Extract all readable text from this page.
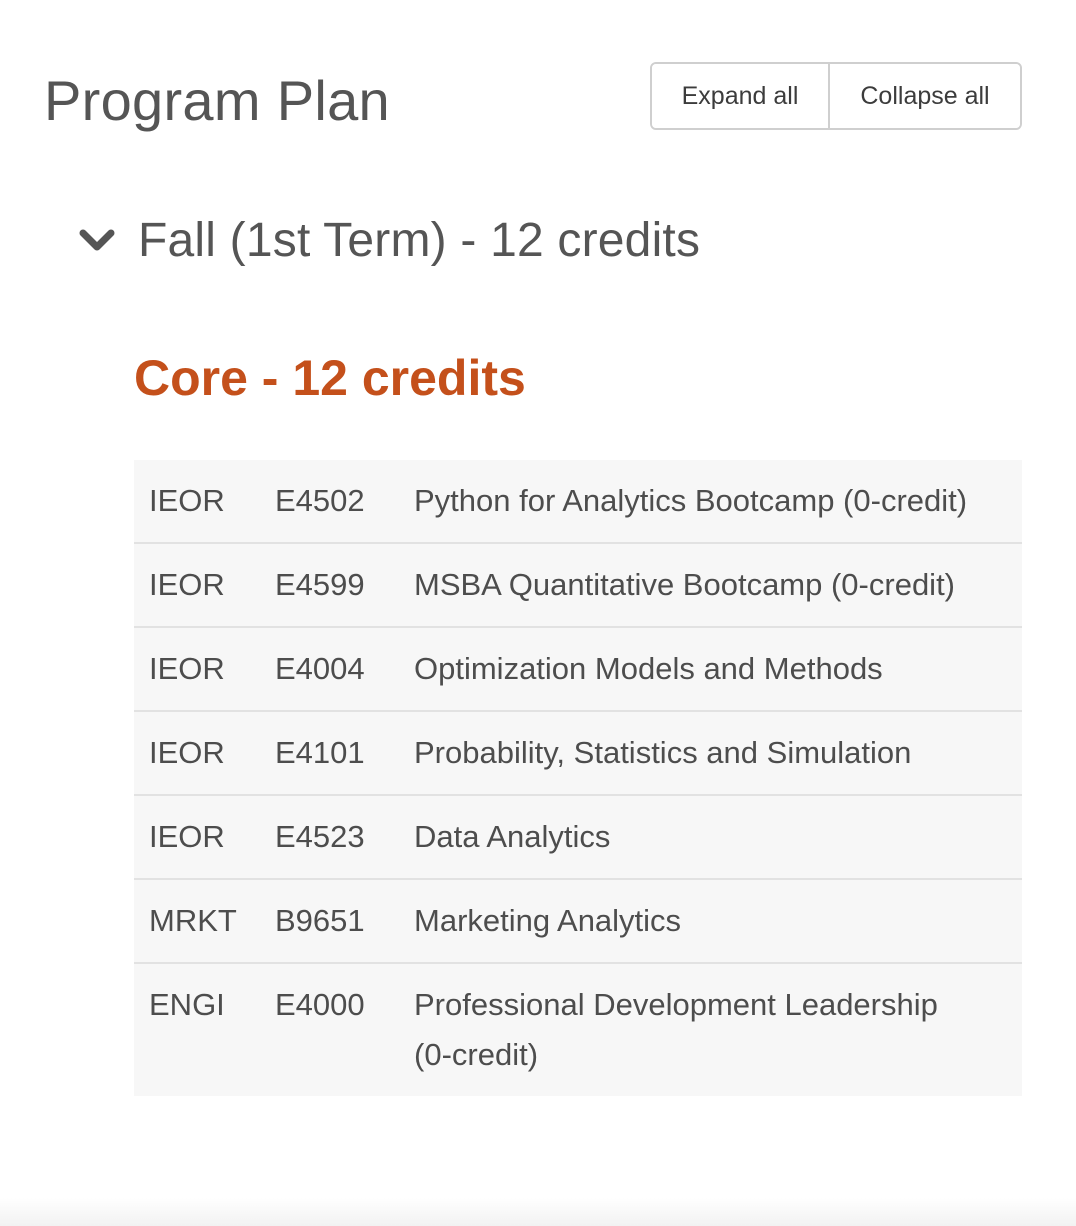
Program Plan	Expand all	Collapse all
Fall (1st Term) - 12 credits
Core - 12 credits
IEOR	E4502	Python for Analytics Bootcamp (0-credit)
IEOR	E4599	MSBA Quantitative Bootcamp (0-credit)
IEOR	E4004	Optimization Models and Methods
IEOR	E4101	Probability, Statistics and Simulation
IEOR	E4523	Data Analytics
MRKT	B9651	Marketing Analytics
ENGI	E4000	Professional Development Leadership (0-credit)
